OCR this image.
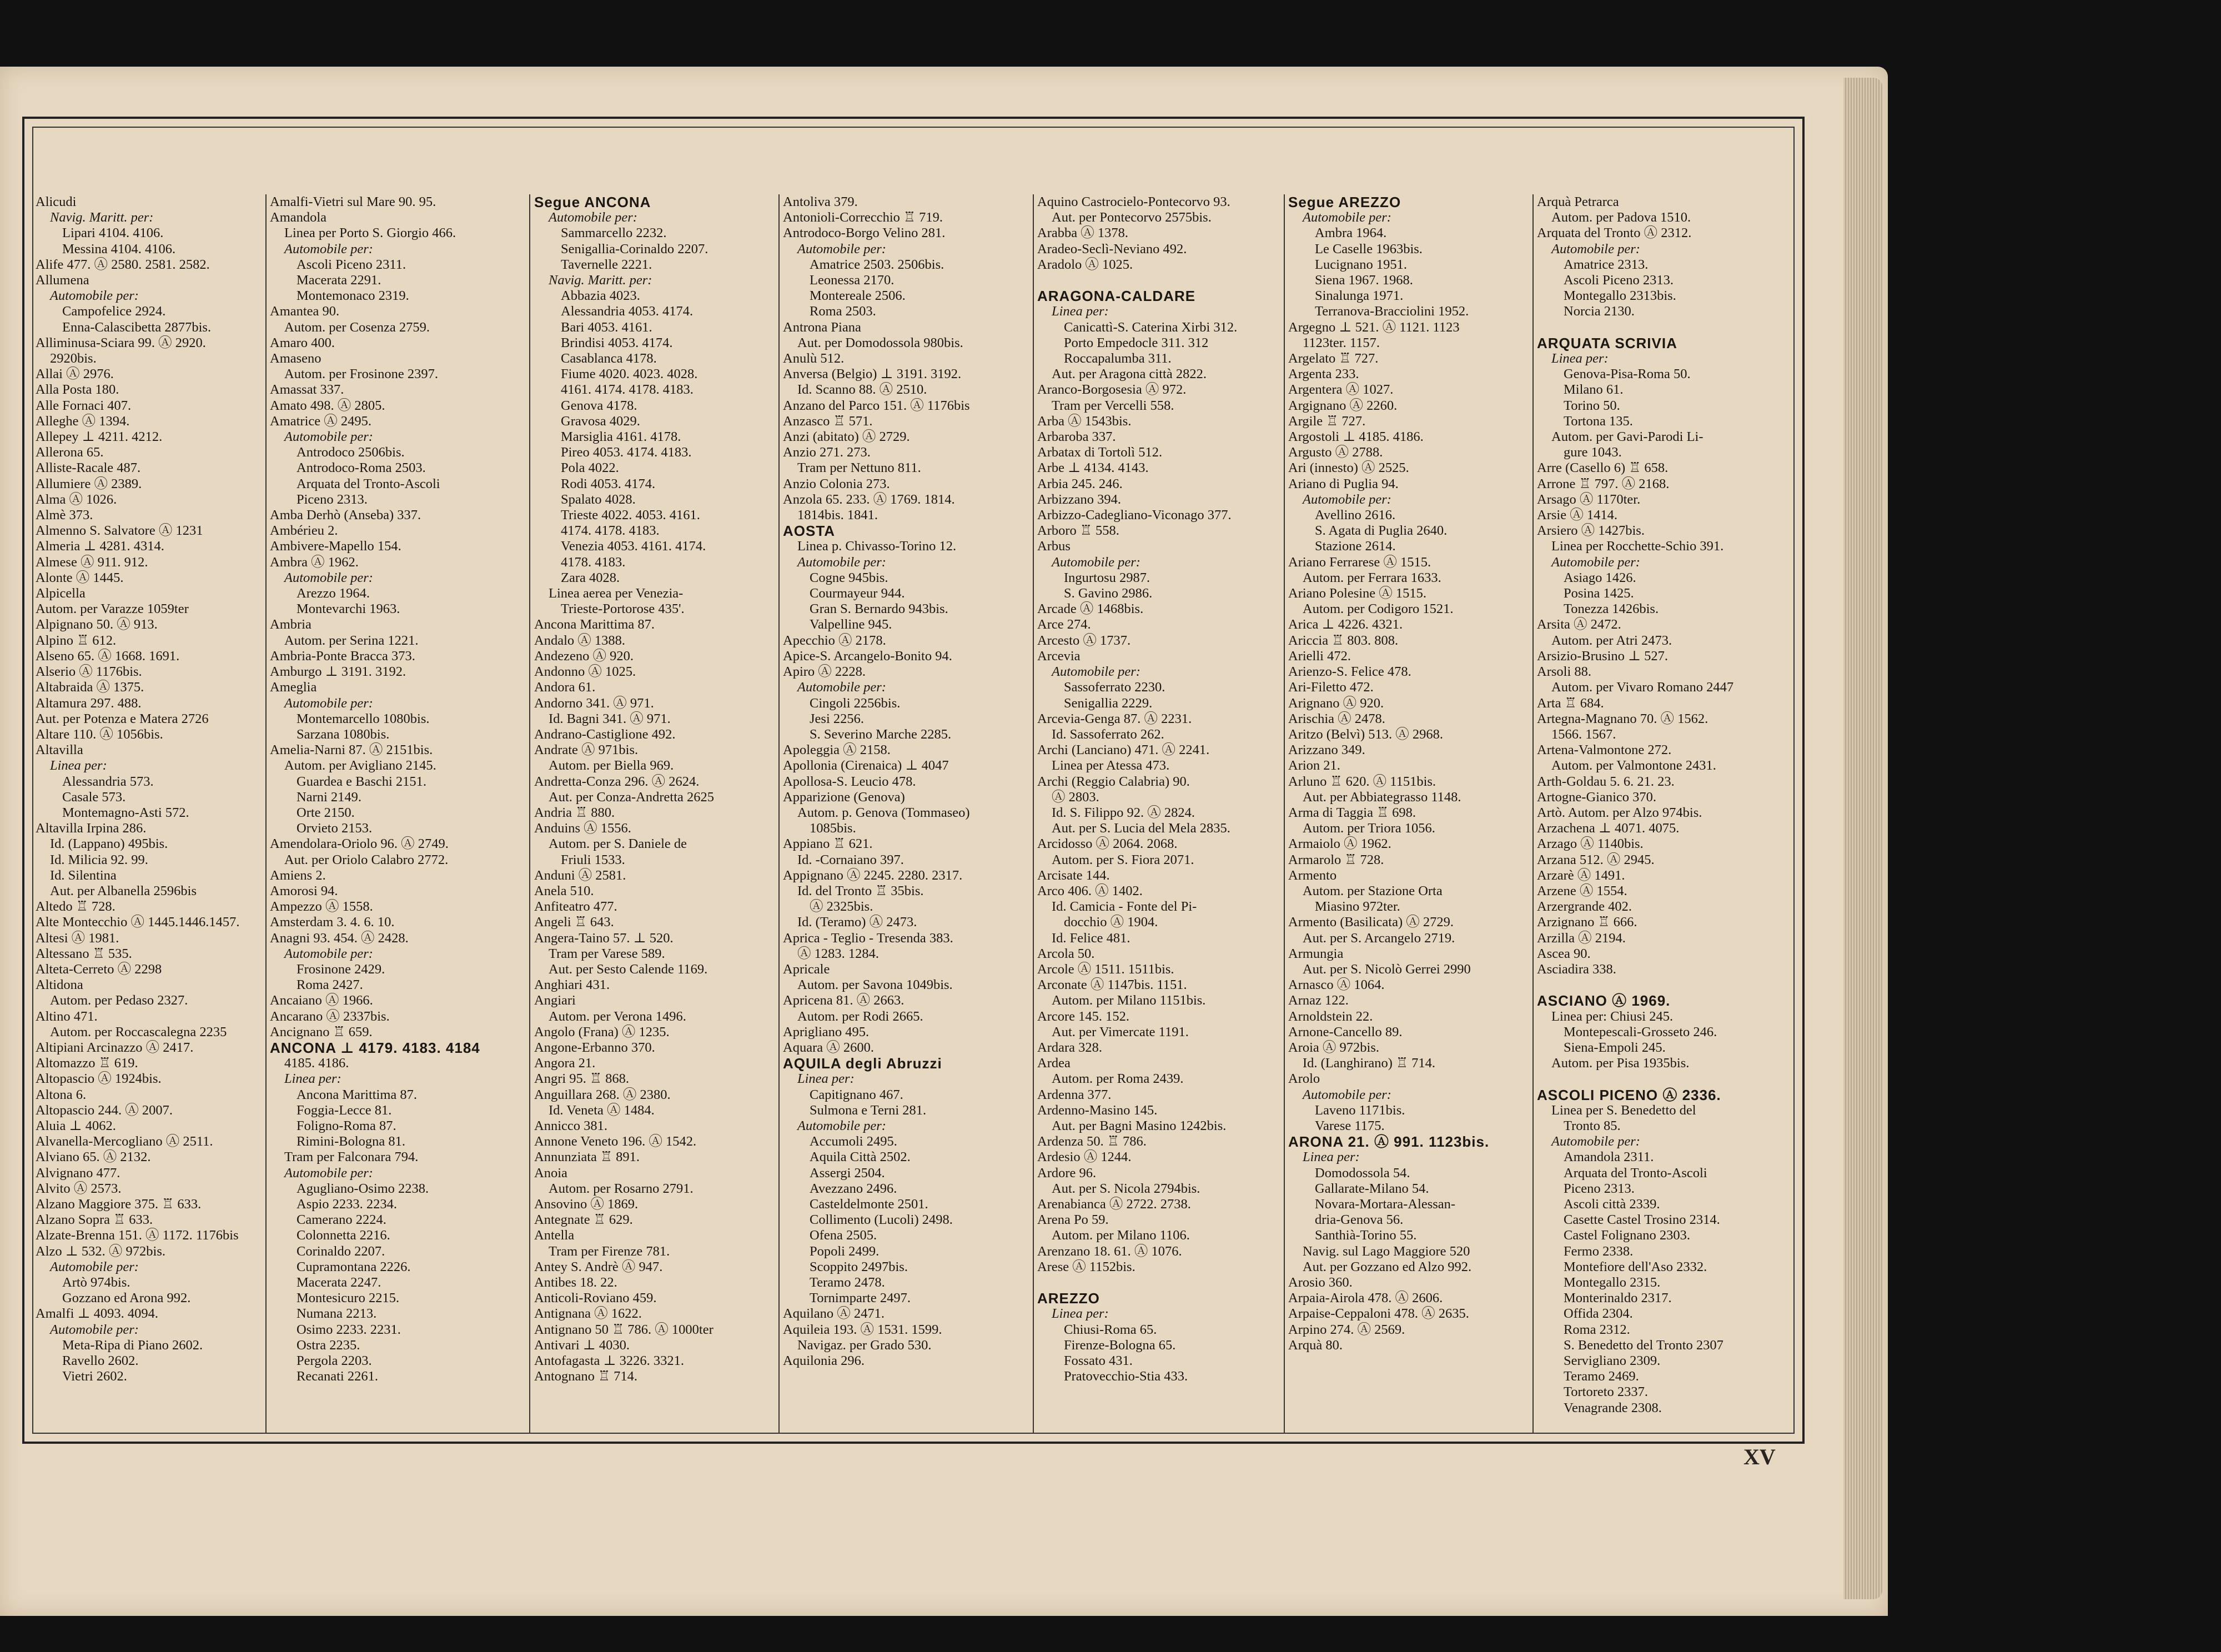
Alicudi
Navig. Maritt. per:
Lipari 4104. 4106.
Messina 4104. 4106.
Alife 477. Ⓐ 2580. 2581. 2582.
Allumena
Automobile per:
Campofelice 2924.
Enna-Calascibetta 2877bis.
Alliminusa-Sciara 99. Ⓐ 2920.
2920bis.
Allai Ⓐ 2976.
Alla Posta 180.
Alle Fornaci 407.
Alleghe Ⓐ 1394.
Allepey ⊥ 4211. 4212.
Allerona 65.
Alliste-Racale 487.
Allumiere Ⓐ 2389.
Alma Ⓐ 1026.
Almè 373.
Almenno S. Salvatore Ⓐ 1231
Almeria ⊥ 4281. 4314.
Almese Ⓐ 911. 912.
Alonte Ⓐ 1445.
Alpicella
Autom. per Varazze 1059ter
Alpignano 50. Ⓐ 913.
Alpino ♖ 612.
Alseno 65. Ⓐ 1668. 1691.
Alserio Ⓐ 1176bis.
Altabraida Ⓐ 1375.
Altamura 297. 488.
Aut. per Potenza e Matera 2726
Altare 110. Ⓐ 1056bis.
Altavilla
Linea per:
Alessandria 573.
Casale 573.
Montemagno-Asti 572.
Altavilla Irpina 286.
Id. (Lappano) 495bis.
Id. Milicia 92. 99.
Id. Silentina
Aut. per Albanella 2596bis
Altedo ♖ 728.
Alte Montecchio Ⓐ 1445.1446.1457.
Altesi Ⓐ 1981.
Altessano ♖ 535.
Alteta-Cerreto Ⓐ 2298
Altidona
Autom. per Pedaso 2327.
Altino 471.
Autom. per Roccascalegna 2235
Altipiani Arcinazzo Ⓐ 2417.
Altomazzo ♖ 619.
Altopascio Ⓐ 1924bis.
Altona 6.
Altopascio 244. Ⓐ 2007.
Aluia ⊥ 4062.
Alvanella-Mercogliano Ⓐ 2511.
Alviano 65. Ⓐ 2132.
Alvignano 477.
Alvito Ⓐ 2573.
Alzano Maggiore 375. ♖ 633.
Alzano Sopra ♖ 633.
Alzate-Brenna 151. Ⓐ 1172. 1176bis
Alzo ⊥ 532. Ⓐ 972bis.
Automobile per:
Artò 974bis.
Gozzano ed Arona 992.
Amalfi ⊥ 4093. 4094.
Automobile per:
Meta-Ripa di Piano 2602.
Ravello 2602.
Vietri 2602.
Amalfi-Vietri sul Mare 90. 95.
Amandola
Linea per Porto S. Giorgio 466.
Automobile per:
Ascoli Piceno 2311.
Macerata 2291.
Montemonaco 2319.
Amantea 90.
Autom. per Cosenza 2759.
Amaro 400.
Amaseno
Autom. per Frosinone 2397.
Amassat 337.
Amato 498. Ⓐ 2805.
Amatrice Ⓐ 2495.
Automobile per:
Antrodoco 2506bis.
Antrodoco-Roma 2503.
Arquata del Tronto-Ascoli
Piceno 2313.
Amba Derhò (Anseba) 337.
Ambérieu 2.
Ambivere-Mapello 154.
Ambra Ⓐ 1962.
Automobile per:
Arezzo 1964.
Montevarchi 1963.
Ambria
Autom. per Serina 1221.
Ambria-Ponte Bracca 373.
Amburgo ⊥ 3191. 3192.
Ameglia
Automobile per:
Montemarcello 1080bis.
Sarzana 1080bis.
Amelia-Narni 87. Ⓐ 2151bis.
Autom. per Avigliano 2145.
Guardea e Baschi 2151.
Narni 2149.
Orte 2150.
Orvieto 2153.
Amendolara-Oriolo 96. Ⓐ 2749.
Aut. per Oriolo Calabro 2772.
Amiens 2.
Amorosi 94.
Ampezzo Ⓐ 1558.
Amsterdam 3. 4. 6. 10.
Anagni 93. 454. Ⓐ 2428.
Automobile per:
Frosinone 2429.
Roma 2427.
Ancaiano Ⓐ 1966.
Ancarano Ⓐ 2337bis.
Ancignano ♖ 659.
ANCONA ⊥ 4179. 4183. 4184
4185. 4186.
Linea per:
Ancona Marittima 87.
Foggia-Lecce 81.
Foligno-Roma 87.
Rimini-Bologna 81.
Tram per Falconara 794.
Automobile per:
Agugliano-Osimo 2238.
Aspio 2233. 2234.
Camerano 2224.
Colonnetta 2216.
Corinaldo 2207.
Cupramontana 2226.
Macerata 2247.
Montesicuro 2215.
Numana 2213.
Osimo 2233. 2231.
Ostra 2235.
Pergola 2203.
Recanati 2261.
Segue ANCONA
Automobile per:
Sammarcello 2232.
Senigallia-Corinaldo 2207.
Tavernelle 2221.
Navig. Maritt. per:
Abbazia 4023.
Alessandria 4053. 4174.
Bari 4053. 4161.
Brindisi 4053. 4174.
Casablanca 4178.
Fiume 4020. 4023. 4028.
4161. 4174. 4178. 4183.
Genova 4178.
Gravosa 4029.
Marsiglia 4161. 4178.
Pireo 4053. 4174. 4183.
Pola 4022.
Rodi 4053. 4174.
Spalato 4028.
Trieste 4022. 4053. 4161.
4174. 4178. 4183.
Venezia 4053. 4161. 4174.
4178. 4183.
Zara 4028.
Linea aerea per Venezia-
Trieste-Portorose 435'.
Ancona Marittima 87.
Andalo Ⓐ 1388.
Andezeno Ⓐ 920.
Andonno Ⓐ 1025.
Andora 61.
Andorno 341. Ⓐ 971.
Id. Bagni 341. Ⓐ 971.
Andrano-Castiglione 492.
Andrate Ⓐ 971bis.
Autom. per Biella 969.
Andretta-Conza 296. Ⓐ 2624.
Aut. per Conza-Andretta 2625
Andria ♖ 880.
Anduins Ⓐ 1556.
Autom. per S. Daniele de
Friuli 1533.
Anduni Ⓐ 2581.
Anela 510.
Anfiteatro 477.
Angeli ♖ 643.
Angera-Taino 57. ⊥ 520.
Tram per Varese 589.
Aut. per Sesto Calende 1169.
Anghiari 431.
Angiari
Autom. per Verona 1496.
Angolo (Frana) Ⓐ 1235.
Angone-Erbanno 370.
Angora 21.
Angri 95. ♖ 868.
Anguillara 268. Ⓐ 2380.
Id. Veneta Ⓐ 1484.
Annicco 381.
Annone Veneto 196. Ⓐ 1542.
Annunziata ♖ 891.
Anoia
Autom. per Rosarno 2791.
Ansovino Ⓐ 1869.
Antegnate ♖ 629.
Antella
Tram per Firenze 781.
Antey S. Andrè Ⓐ 947.
Antibes 18. 22.
Anticoli-Roviano 459.
Antignana Ⓐ 1622.
Antignano 50 ♖ 786. Ⓐ 1000ter
Antivari ⊥ 4030.
Antofagasta ⊥ 3226. 3321.
Antognano ♖ 714.
Antoliva 379.
Antonioli-Correcchio ♖ 719.
Antrodoco-Borgo Velino 281.
Automobile per:
Amatrice 2503. 2506bis.
Leonessa 2170.
Montereale 2506.
Roma 2503.
Antrona Piana
Aut. per Domodossola 980bis.
Anulù 512.
Anversa (Belgio) ⊥ 3191. 3192.
Id. Scanno 88. Ⓐ 2510.
Anzano del Parco 151. Ⓐ 1176bis
Anzasco ♖ 571.
Anzi (abitato) Ⓐ 2729.
Anzio 271. 273.
Tram per Nettuno 811.
Anzio Colonia 273.
Anzola 65. 233. Ⓐ 1769. 1814.
1814bis. 1841.
AOSTA
Linea p. Chivasso-Torino 12.
Automobile per:
Cogne 945bis.
Courmayeur 944.
Gran S. Bernardo 943bis.
Valpelline 945.
Apecchio Ⓐ 2178.
Apice-S. Arcangelo-Bonito 94.
Apiro Ⓐ 2228.
Automobile per:
Cingoli 2256bis.
Jesi 2256.
S. Severino Marche 2285.
Apoleggia Ⓐ 2158.
Apollonia (Cirenaica) ⊥ 4047
Apollosa-S. Leucio 478.
Apparizione (Genova)
Autom. p. Genova (Tommaseo)
1085bis.
Appiano ♖ 621.
Id. -Cornaiano 397.
Appignano Ⓐ 2245. 2280. 2317.
Id. del Tronto ♖ 35bis.
Ⓐ 2325bis.
Id. (Teramo) Ⓐ 2473.
Aprica - Teglio - Tresenda 383.
Ⓐ 1283. 1284.
Apricale
Autom. per Savona 1049bis.
Apricena 81. Ⓐ 2663.
Autom. per Rodi 2665.
Aprigliano 495.
Aquara Ⓐ 2600.
AQUILA degli Abruzzi
Linea per:
Capitignano 467.
Sulmona e Terni 281.
Automobile per:
Accumoli 2495.
Aquila Città 2502.
Assergi 2504.
Avezzano 2496.
Casteldelmonte 2501.
Collimento (Lucoli) 2498.
Ofena 2505.
Popoli 2499.
Scoppito 2497bis.
Teramo 2478.
Tornimparte 2497.
Aquilano Ⓐ 2471.
Aquileia 193. Ⓐ 1531. 1599.
Navigaz. per Grado 530.
Aquilonia 296.
Aquino Castrocielo-Pontecorvo 93.
Aut. per Pontecorvo 2575bis.
Arabba Ⓐ 1378.
Aradeo-Seclì-Neviano 492.
Aradolo Ⓐ 1025.

ARAGONA-CALDARE
Linea per:
Canicattì-S. Caterina Xirbi 312.
Porto Empedocle 311. 312
Roccapalumba 311.
Aut. per Aragona città 2822.
Aranco-Borgosesia Ⓐ 972.
Tram per Vercelli 558.
Arba Ⓐ 1543bis.
Arbaroba 337.
Arbatax di Tortolì 512.
Arbe ⊥ 4134. 4143.
Arbia 245. 246.
Arbizzano 394.
Arbizzo-Cadegliano-Viconago 377.
Arboro ♖ 558.
Arbus
Automobile per:
Ingurtosu 2987.
S. Gavino 2986.
Arcade Ⓐ 1468bis.
Arce 274.
Arcesto Ⓐ 1737.
Arcevia
Automobile per:
Sassoferrato 2230.
Senigallia 2229.
Arcevia-Genga 87. Ⓐ 2231.
Id. Sassoferrato 262.
Archi (Lanciano) 471. Ⓐ 2241.
Linea per Atessa 473.
Archi (Reggio Calabria) 90.
Ⓐ 2803.
Id. S. Filippo 92. Ⓐ 2824.
Aut. per S. Lucia del Mela 2835.
Arcidosso Ⓐ 2064. 2068.
Autom. per S. Fiora 2071.
Arcisate 144.
Arco 406. Ⓐ 1402.
Id. Camicia - Fonte del Pi-
docchio Ⓐ 1904.
Id. Felice 481.
Arcola 50.
Arcole Ⓐ 1511. 1511bis.
Arconate Ⓐ 1147bis. 1151.
Autom. per Milano 1151bis.
Arcore 145. 152.
Aut. per Vimercate 1191.
Ardara 328.
Ardea
Autom. per Roma 2439.
Ardenna 377.
Ardenno-Masino 145.
Aut. per Bagni Masino 1242bis.
Ardenza 50. ♖ 786.
Ardesio Ⓐ 1244.
Ardore 96.
Aut. per S. Nicola 2794bis.
Arenabianca Ⓐ 2722. 2738.
Arena Po 59.
Autom. per Milano 1106.
Arenzano 18. 61. Ⓐ 1076.
Arese Ⓐ 1152bis.

AREZZO
Linea per:
Chiusi-Roma 65.
Firenze-Bologna 65.
Fossato 431.
Pratovecchio-Stia 433.
Segue AREZZO
Automobile per:
Ambra 1964.
Le Caselle 1963bis.
Lucignano 1951.
Siena 1967. 1968.
Sinalunga 1971.
Terranova-Bracciolini 1952.
Argegno ⊥ 521. Ⓐ 1121. 1123
1123ter. 1157.
Argelato ♖ 727.
Argenta 233.
Argentera Ⓐ 1027.
Argignano Ⓐ 2260.
Argile ♖ 727.
Argostoli ⊥ 4185. 4186.
Argusto Ⓐ 2788.
Ari (innesto) Ⓐ 2525.
Ariano di Puglia 94.
Automobile per:
Avellino 2616.
S. Agata di Puglia 2640.
Stazione 2614.
Ariano Ferrarese Ⓐ 1515.
Autom. per Ferrara 1633.
Ariano Polesine Ⓐ 1515.
Autom. per Codigoro 1521.
Arica ⊥ 4226. 4321.
Ariccia ♖ 803. 808.
Arielli 472.
Arienzo-S. Felice 478.
Ari-Filetto 472.
Arignano Ⓐ 920.
Arischia Ⓐ 2478.
Aritzo (Belvì) 513. Ⓐ 2968.
Arizzano 349.
Arion 21.
Arluno ♖ 620. Ⓐ 1151bis.
Aut. per Abbiategrasso 1148.
Arma di Taggia ♖ 698.
Autom. per Triora 1056.
Armaiolo Ⓐ 1962.
Armarolo ♖ 728.
Armento
Autom. per Stazione Orta
Miasino 972ter.
Armento (Basilicata) Ⓐ 2729.
Aut. per S. Arcangelo 2719.
Armungia
Aut. per S. Nicolò Gerrei 2990
Arnasco Ⓐ 1064.
Arnaz 122.
Arnoldstein 22.
Arnone-Cancello 89.
Aroia Ⓐ 972bis.
Id. (Langhirano) ♖ 714.
Arolo
Automobile per:
Laveno 1171bis.
Varese 1175.
ARONA 21. Ⓐ 991. 1123bis.
Linea per:
Domodossola 54.
Gallarate-Milano 54.
Novara-Mortara-Alessan-
dria-Genova 56.
Santhià-Torino 55.
Navig. sul Lago Maggiore 520
Aut. per Gozzano ed Alzo 992.
Arosio 360.
Arpaia-Airola 478. Ⓐ 2606.
Arpaise-Ceppaloni 478. Ⓐ 2635.
Arpino 274. Ⓐ 2569.
Arquà 80.
Arquà Petrarca
Autom. per Padova 1510.
Arquata del Tronto Ⓐ 2312.
Automobile per:
Amatrice 2313.
Ascoli Piceno 2313.
Montegallo 2313bis.
Norcia 2130.

ARQUATA SCRIVIA
Linea per:
Genova-Pisa-Roma 50.
Milano 61.
Torino 50.
Tortona 135.
Autom. per Gavi-Parodi Li-
gure 1043.
Arre (Casello 6) ♖ 658.
Arrone ♖ 797. Ⓐ 2168.
Arsago Ⓐ 1170ter.
Arsie Ⓐ 1414.
Arsiero Ⓐ 1427bis.
Linea per Rocchette-Schio 391.
Automobile per:
Asiago 1426.
Posina 1425.
Tonezza 1426bis.
Arsita Ⓐ 2472.
Autom. per Atri 2473.
Arsizio-Brusino ⊥ 527.
Arsoli 88.
Autom. per Vivaro Romano 2447
Arta ♖ 684.
Artegna-Magnano 70. Ⓐ 1562.
1566. 1567.
Artena-Valmontone 272.
Autom. per Valmontone 2431.
Arth-Goldau 5. 6. 21. 23.
Artogne-Gianico 370.
Artò. Autom. per Alzo 974bis.
Arzachena ⊥ 4071. 4075.
Arzago Ⓐ 1140bis.
Arzana 512. Ⓐ 2945.
Arzarè Ⓐ 1491.
Arzene Ⓐ 1554.
Arzergrande 402.
Arzignano ♖ 666.
Arzilla Ⓐ 2194.
Ascea 90.
Asciadira 338.

ASCIANO Ⓐ 1969.
Linea per: Chiusi 245.
Montepescali-Grosseto 246.
Siena-Empoli 245.
Autom. per Pisa 1935bis.

ASCOLI PICENO Ⓐ 2336.
Linea per S. Benedetto del
Tronto 85.
Automobile per:
Amandola 2311.
Arquata del Tronto-Ascoli
Piceno 2313.
Ascoli città 2339.
Casette Castel Trosino 2314.
Castel Folignano 2303.
Fermo 2338.
Montefiore dell'Aso 2332.
Montegallo 2315.
Monterinaldo 2317.
Offida 2304.
Roma 2312.
S. Benedetto del Tronto 2307
Servigliano 2309.
Teramo 2469.
Tortoreto 2337.
Venagrande 2308.
XV
